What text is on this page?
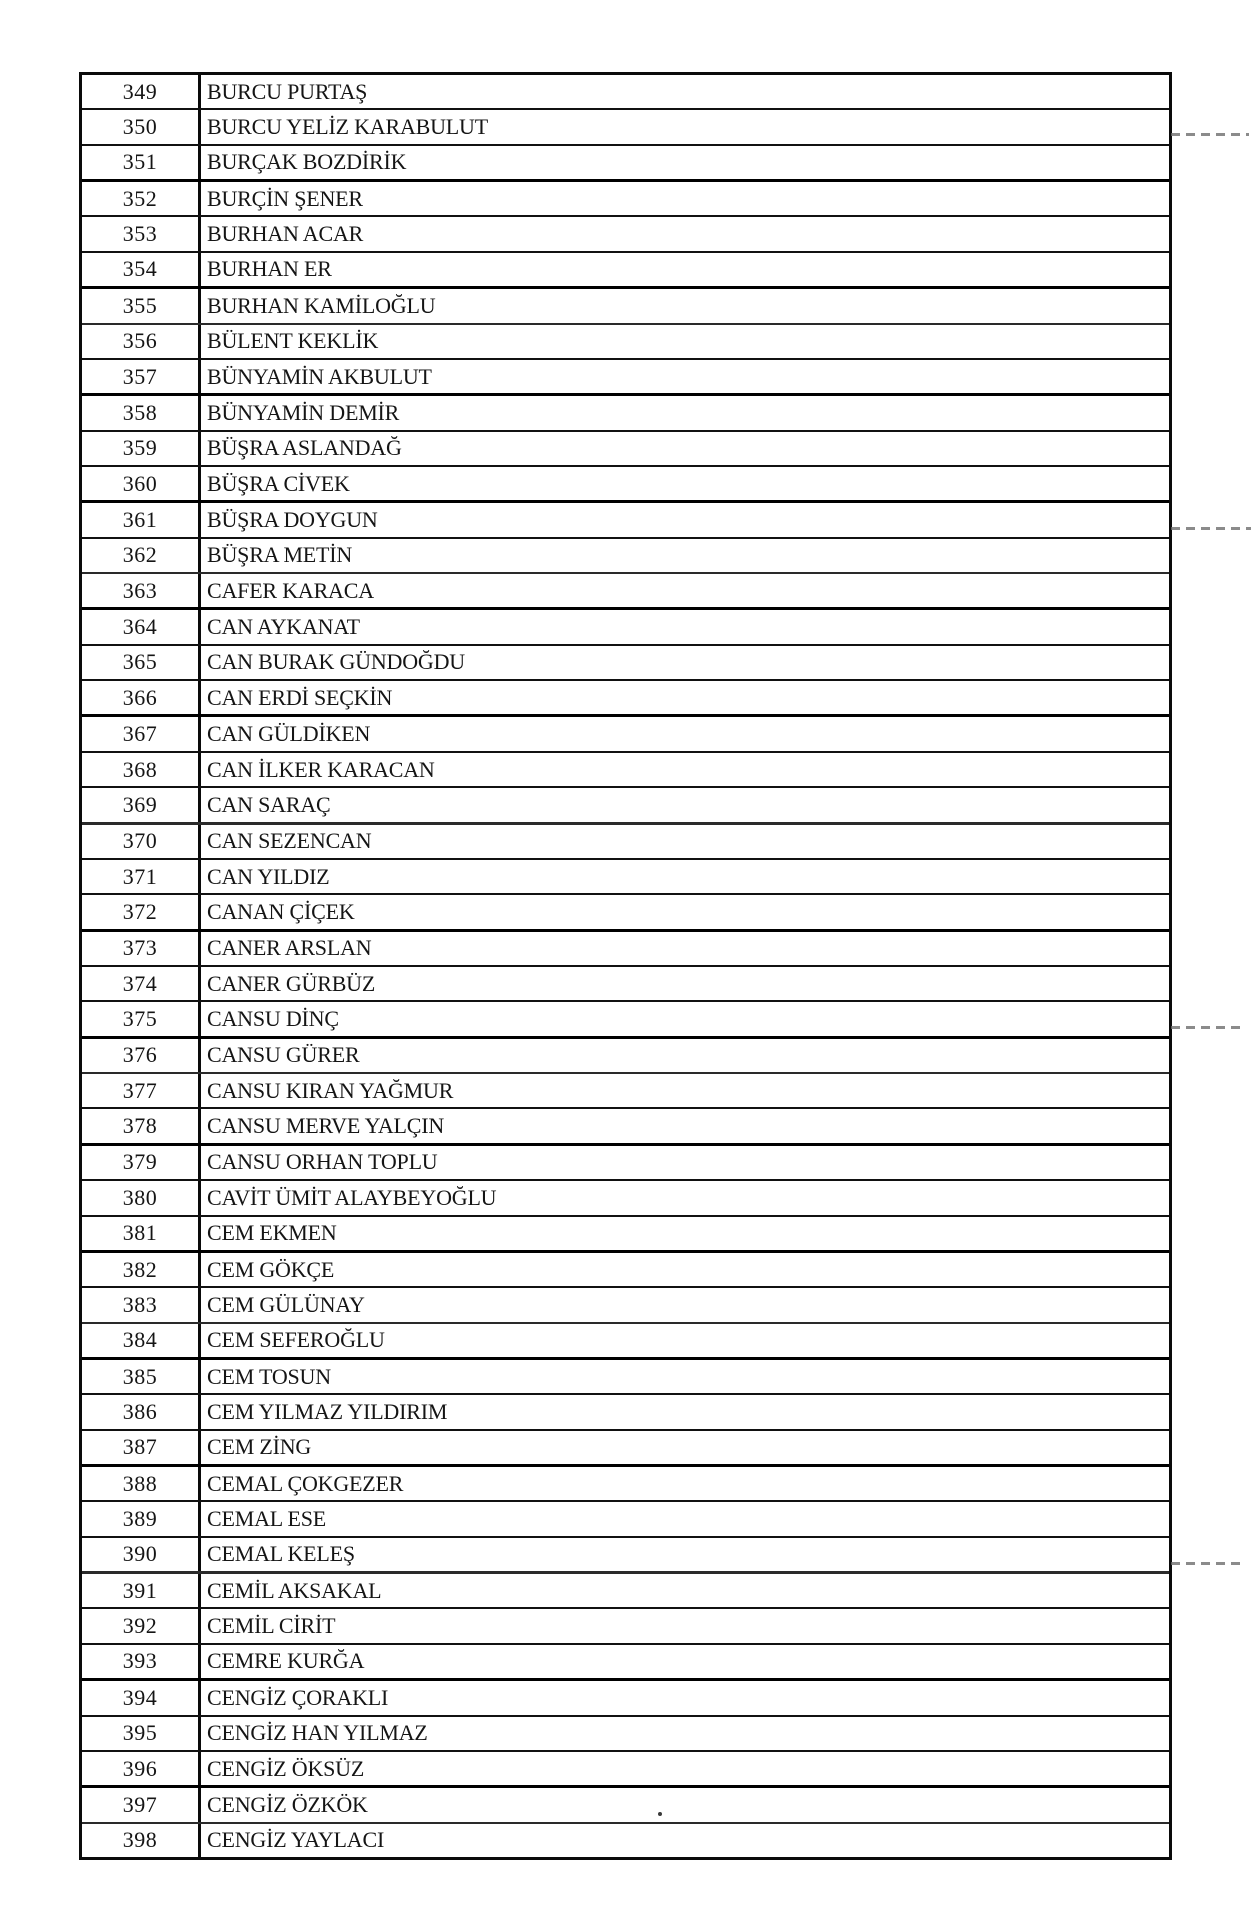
349	BURCU PURTAŞ
350	BURCU YELİZ KARABULUT
351	BURÇAK BOZDİRİK
352	BURÇİN ŞENER
353	BURHAN ACAR
354	BURHAN ER
355	BURHAN KAMİLOĞLU
356	BÜLENT KEKLİK
357	BÜNYAMİN AKBULUT
358	BÜNYAMİN DEMİR
359	BÜŞRA ASLANDAĞ
360	BÜŞRA CİVEK
361	BÜŞRA DOYGUN
362	BÜŞRA METİN
363	CAFER KARACA
364	CAN AYKANAT
365	CAN BURAK GÜNDOĞDU
366	CAN ERDİ SEÇKİN
367	CAN GÜLDİKEN
368	CAN İLKER KARACAN
369	CAN SARAÇ
370	CAN SEZENCAN
371	CAN YILDIZ
372	CANAN ÇİÇEK
373	CANER ARSLAN
374	CANER GÜRBÜZ
375	CANSU DİNÇ
376	CANSU GÜRER
377	CANSU KIRAN YAĞMUR
378	CANSU MERVE YALÇIN
379	CANSU ORHAN TOPLU
380	CAVİT ÜMİT ALAYBEYOĞLU
381	CEM EKMEN
382	CEM GÖKÇE
383	CEM GÜLÜNAY
384	CEM SEFEROĞLU
385	CEM TOSUN
386	CEM YILMAZ YILDIRIM
387	CEM ZİNG
388	CEMAL ÇOKGEZER
389	CEMAL ESE
390	CEMAL KELEŞ
391	CEMİL AKSAKAL
392	CEMİL CİRİT
393	CEMRE KURĞA
394	CENGİZ ÇORAKLI
395	CENGİZ HAN YILMAZ
396	CENGİZ ÖKSÜZ
397	CENGİZ ÖZKÖK
398	CENGİZ YAYLACI
